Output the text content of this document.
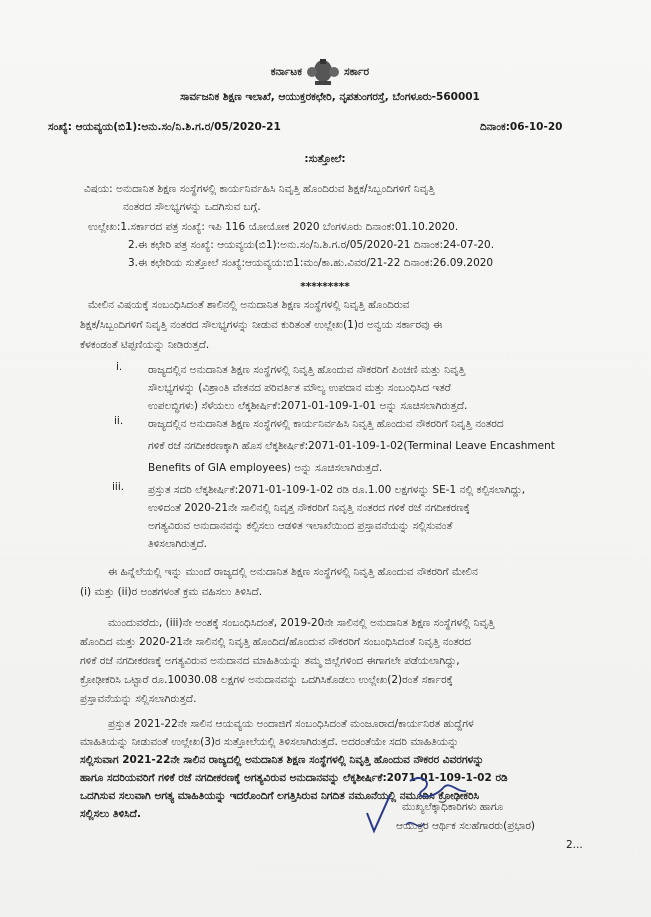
ಕರ್ನಾಟಕ	ಸರ್ಕಾರ
ಸಾರ್ವಜನಿಕ ಶಿಕ್ಷಣ ಇಲಾಖೆ, ಆಯುಕ್ತರಕಛೇರಿ, ನೃಪತುಂಗರಸ್ತೆ, ಬೆಂಗಳೂರು-560001
ಸಂಖ್ಯೆ: ಆಯವ್ಯಯ(ಬಿ1):ಅನು.ಸಂ/ನಿ.ಶಿ.ಗ.ರ/05/2020-21	ದಿನಾಂಕ:06-10-20
:ಸುತ್ತೋಲೆ:
ವಿಷಯ: ಅನುದಾನಿತ ಶಿಕ್ಷಣ ಸಂಸ್ಥೆಗಳಲ್ಲಿ ಕಾರ್ಯನಿರ್ವಹಿಸಿ ನಿವೃತ್ತಿ ಹೊಂದಿರುವ ಶಿಕ್ಷಕ/ಸಿಬ್ಬಂದಿಗಳಿಗೆ ನಿವೃತ್ತಿ
ನಂತರದ ಸೌಲಭ್ಯಗಳನ್ನು ಒದಗಿಸುವ ಬಗ್ಗೆ.
ಉಲ್ಲೇಖ:1.ಸರ್ಕಾರದ ಪತ್ರ ಸಂಖ್ಯೆ: ಇಪಿ 116 ಯೋಯೋಕ 2020 ಬೆಂಗಳೂರು ದಿನಾಂಕ:01.10.2020.
2.ಈ ಕಛೇರಿ ಪತ್ರ ಸಂಖ್ಯೆ: ಆಯವ್ಯಯ(ಬಿ1):ಅನು.ಸಂ/ನಿ.ಶಿ.ಗ.ರ/05/2020-21 ದಿನಾಂಕ:24-07-20.
3.ಈ ಕಛೇರಿಯ ಸುತ್ತೋಲೆ ಸಂಖ್ಯೆ:ಆಯವ್ಯಯ:ಬಿ1:ಮಂ/ಕಾ.ಹು.ವಿವರ/21-22 ದಿನಾಂಕ:26.09.2020
*********
ಮೇಲಿನ ವಿಷಯಕ್ಕೆ ಸಂಬಂಧಿಸಿದಂತೆ ಶಾಲಿನಲ್ಲಿ ಅನುದಾನಿತ ಶಿಕ್ಷಣ ಸಂಸ್ಥೆಗಳಲ್ಲಿ ನಿವೃತ್ತಿ ಹೊಂದಿರುವ
ಶಿಕ್ಷಕ/ಸಿಬ್ಬಂದಿಗಳಿಗೆ ನಿವೃತ್ತಿ ನಂತರದ ಸೌಲಭ್ಯಗಳನ್ನು ನೀಡುವ ಕುರಿತಂತೆ ಉಲ್ಲೇಖ(1)ರ ಅನ್ವಯ ಸರ್ಕಾರವು ಈ
ಕೆಳಕಂಡಂತೆ ಟಿಪ್ಪಣಿಯನ್ನು ನೀಡಿರುತ್ತದೆ.
i.	ರಾಜ್ಯದಲ್ಲಿನ ಅನುದಾನಿತ ಶಿಕ್ಷಣ ಸಂಸ್ಥೆಗಳಲ್ಲಿ ನಿವೃತ್ತಿ ಹೊಂದುವ ನೌಕರರಿಗೆ ಪಿಂಚಣಿ ಮತ್ತು ನಿವೃತ್ತಿ
ಸೌಲಭ್ಯಗಳನ್ನು (ವಿಶ್ರಾಂತಿ ವೇತನದ ಪರಿವರ್ತಿತ ಮೌಲ್ಯ ಉಪದಾನ ಮತ್ತು ಸಂಬಂಧಿಸಿದ ಇತರೆ
ಉಪಲಬ್ಧಿಗಳು) ಸೆಳೆಯಲು ಲೆಕ್ಕಶೀರ್ಷಿಕೆ:2071-01-109-1-01 ಅನ್ನು ಸೂಚಿಸಲಾಗಿರುತ್ತದೆ.
ii.	ರಾಜ್ಯದಲ್ಲಿನ ಅನುದಾನಿತ ಶಿಕ್ಷಣ ಸಂಸ್ಥೆಗಳಲ್ಲಿ ಕಾರ್ಯನಿರ್ವಹಿಸಿ ನಿವೃತ್ತಿ ಹೊಂದುವ ನೌಕರರಿಗೆ ನಿವೃತ್ತಿ ನಂತರದ
ಗಳಿಕೆ ರಜೆ ನಗದೀಕರಣಕ್ಕಾಗಿ ಹೊಸ ಲೆಕ್ಕಶೀರ್ಷಿಕೆ:2071-01-109-1-02(Terminal Leave Encashment
Benefits of GIA employees) ಅನ್ನು ಸೂಚಿಸಲಾಗಿರುತ್ತದೆ.
iii.	ಪ್ರಸ್ತುತ ಸದರಿ ಲೆಕ್ಕಶೀರ್ಷಿಕೆ:2071-01-109-1-02 ರಡಿ ರೂ.1.00 ಲಕ್ಷಗಳನ್ನು SE-1 ನಲ್ಲಿ ಕಲ್ಪಿಸಲಾಗಿದ್ದು,
ಉಳಿದಂತೆ 2020-21ನೇ ಸಾಲಿನಲ್ಲಿ ನಿವೃತ್ತ ನೌಕರರಿಗೆ ನಿವೃತ್ತಿ ನಂತರದ ಗಳಿಕೆ ರಜೆ ನಗದೀಕರಣಕ್ಕೆ
ಅಗತ್ಯವಿರುವ ಅನುದಾನವನ್ನು ಕಲ್ಪಿಸಲು ಆಡಳಿತ ಇಲಾಖೆಯಿಂದ ಪ್ರಸ್ತಾವನೆಯನ್ನು ಸಲ್ಲಿಸುವಂತೆ
ತಿಳಿಸಲಾಗಿರುತ್ತದೆ.
ಈ ಹಿನ್ನೆಲೆಯಲ್ಲಿ ಇನ್ನು ಮುಂದೆ ರಾಜ್ಯದಲ್ಲಿ ಅನುದಾನಿತ ಶಿಕ್ಷಣ ಸಂಸ್ಥೆಗಳಲ್ಲಿ ನಿವೃತ್ತಿ ಹೊಂದುವ ನೌಕರರಿಗೆ ಮೇಲಿನ
(i) ಮತ್ತು (ii)ರ ಅಂಶಗಳಂತೆ ಕ್ರಮ ವಹಿಸಲು ತಿಳಿಸಿದೆ.
ಮುಂದುವರೆದು, (iii)ನೇ ಅಂಶಕ್ಕೆ ಸಂಬಂಧಿಸಿದಂತೆ, 2019-20ನೇ ಸಾಲಿನಲ್ಲಿ ಅನುದಾನಿತ ಶಿಕ್ಷಣ ಸಂಸ್ಥೆಗಳಲ್ಲಿ ನಿವೃತ್ತಿ
ಹೊಂದಿದ ಮತ್ತು 2020-21ನೇ ಸಾಲಿನಲ್ಲಿ ನಿವೃತ್ತಿ ಹೊಂದಿದ/ಹೊಂದುವ ನೌಕರರಿಗೆ ಸಂಬಂಧಿಸಿದಂತೆ ನಿವೃತ್ತಿ ನಂತರದ
ಗಳಿಕೆ ರಜೆ ನಗದೀಕರಣಕ್ಕೆ ಅಗತ್ಯವಿರುವ ಅನುದಾನದ ಮಾಹಿತಿಯನ್ನು ತಮ್ಮ ಜಿಲ್ಲೆಗಳಿಂದ ಈಗಾಗಲೇ ಪಡೆಯಲಾಗಿದ್ದು,
ಕ್ರೋಢೀಕರಿಸಿ ಒಟ್ಟಾರೆ ರೂ.10030.08 ಲಕ್ಷಗಳ ಅನುದಾನವನ್ನು ಒದಗಿಸಿಕೊಡಲು ಉಲ್ಲೇಖ(2)ರಂತೆ ಸರ್ಕಾರಕ್ಕೆ
ಪ್ರಸ್ತಾವನೆಯನ್ನು ಸಲ್ಲಿಸಲಾಗಿರುತ್ತದೆ.
ಪ್ರಸ್ತುತ 2021-22ನೇ ಸಾಲಿನ ಆಯವ್ಯಯ ಅಂದಾಜಿಗೆ ಸಂಬಂಧಿಸಿದಂತೆ ಮಂಜೂರಾದ/ಕಾರ್ಯನಿರತ ಹುದ್ದೆಗಳ
ಮಾಹಿತಿಯನ್ನು ನೀಡುವಂತೆ ಉಲ್ಲೇಖ(3)ರ ಸುತ್ತೋಲೆಯಲ್ಲಿ ತಿಳಿಸಲಾಗಿರುತ್ತದೆ. ಅದರಂತೆಯೇ ಸದರಿ ಮಾಹಿತಿಯನ್ನು
ಸಲ್ಲಿಸುವಾಗ 2021-22ನೇ ಸಾಲಿನ ರಾಜ್ಯದಲ್ಲಿ ಅನುದಾನಿತ ಶಿಕ್ಷಣ ಸಂಸ್ಥೆಗಳಲ್ಲಿ ನಿವೃತ್ತಿ ಹೊಂದುವ ನೌಕರರ ವಿವರಗಳನ್ನು
ಹಾಗೂ ಸದರಿಯವರಿಗೆ ಗಳಿಕೆ ರಜೆ ನಗದೀಕರಣಕ್ಕೆ ಅಗತ್ಯವಿರುವ ಅನುದಾನವನ್ನು ಲೆಕ್ಕಶೀರ್ಷಿಕೆ:2071-01-109-1-02 ರಡಿ
ಒದಗಿಸುವ ಸಲುವಾಗಿ ಅಗತ್ಯ ಮಾಹಿತಿಯನ್ನು ಇದರೊಂದಿಗೆ ಲಗತ್ತಿಸಿರುವ ನಿಗದಿತ ನಮೂನೆಯಲ್ಲಿ ನಮೂದಿಸಿ ಕ್ರೋಢೀಕರಿಸಿ
ಸಲ್ಲಿಸಲು ತಿಳಿಸಿದೆ.
ಮುಖ್ಯಲೆಕ್ಕಾಧಿಕಾರಿಗಳು ಹಾಗೂ
ಆಯುಕ್ತರ ಆರ್ಥಿಕ ಸಲಹೆಗಾರರು(ಪ್ರಭಾರ)
2...
